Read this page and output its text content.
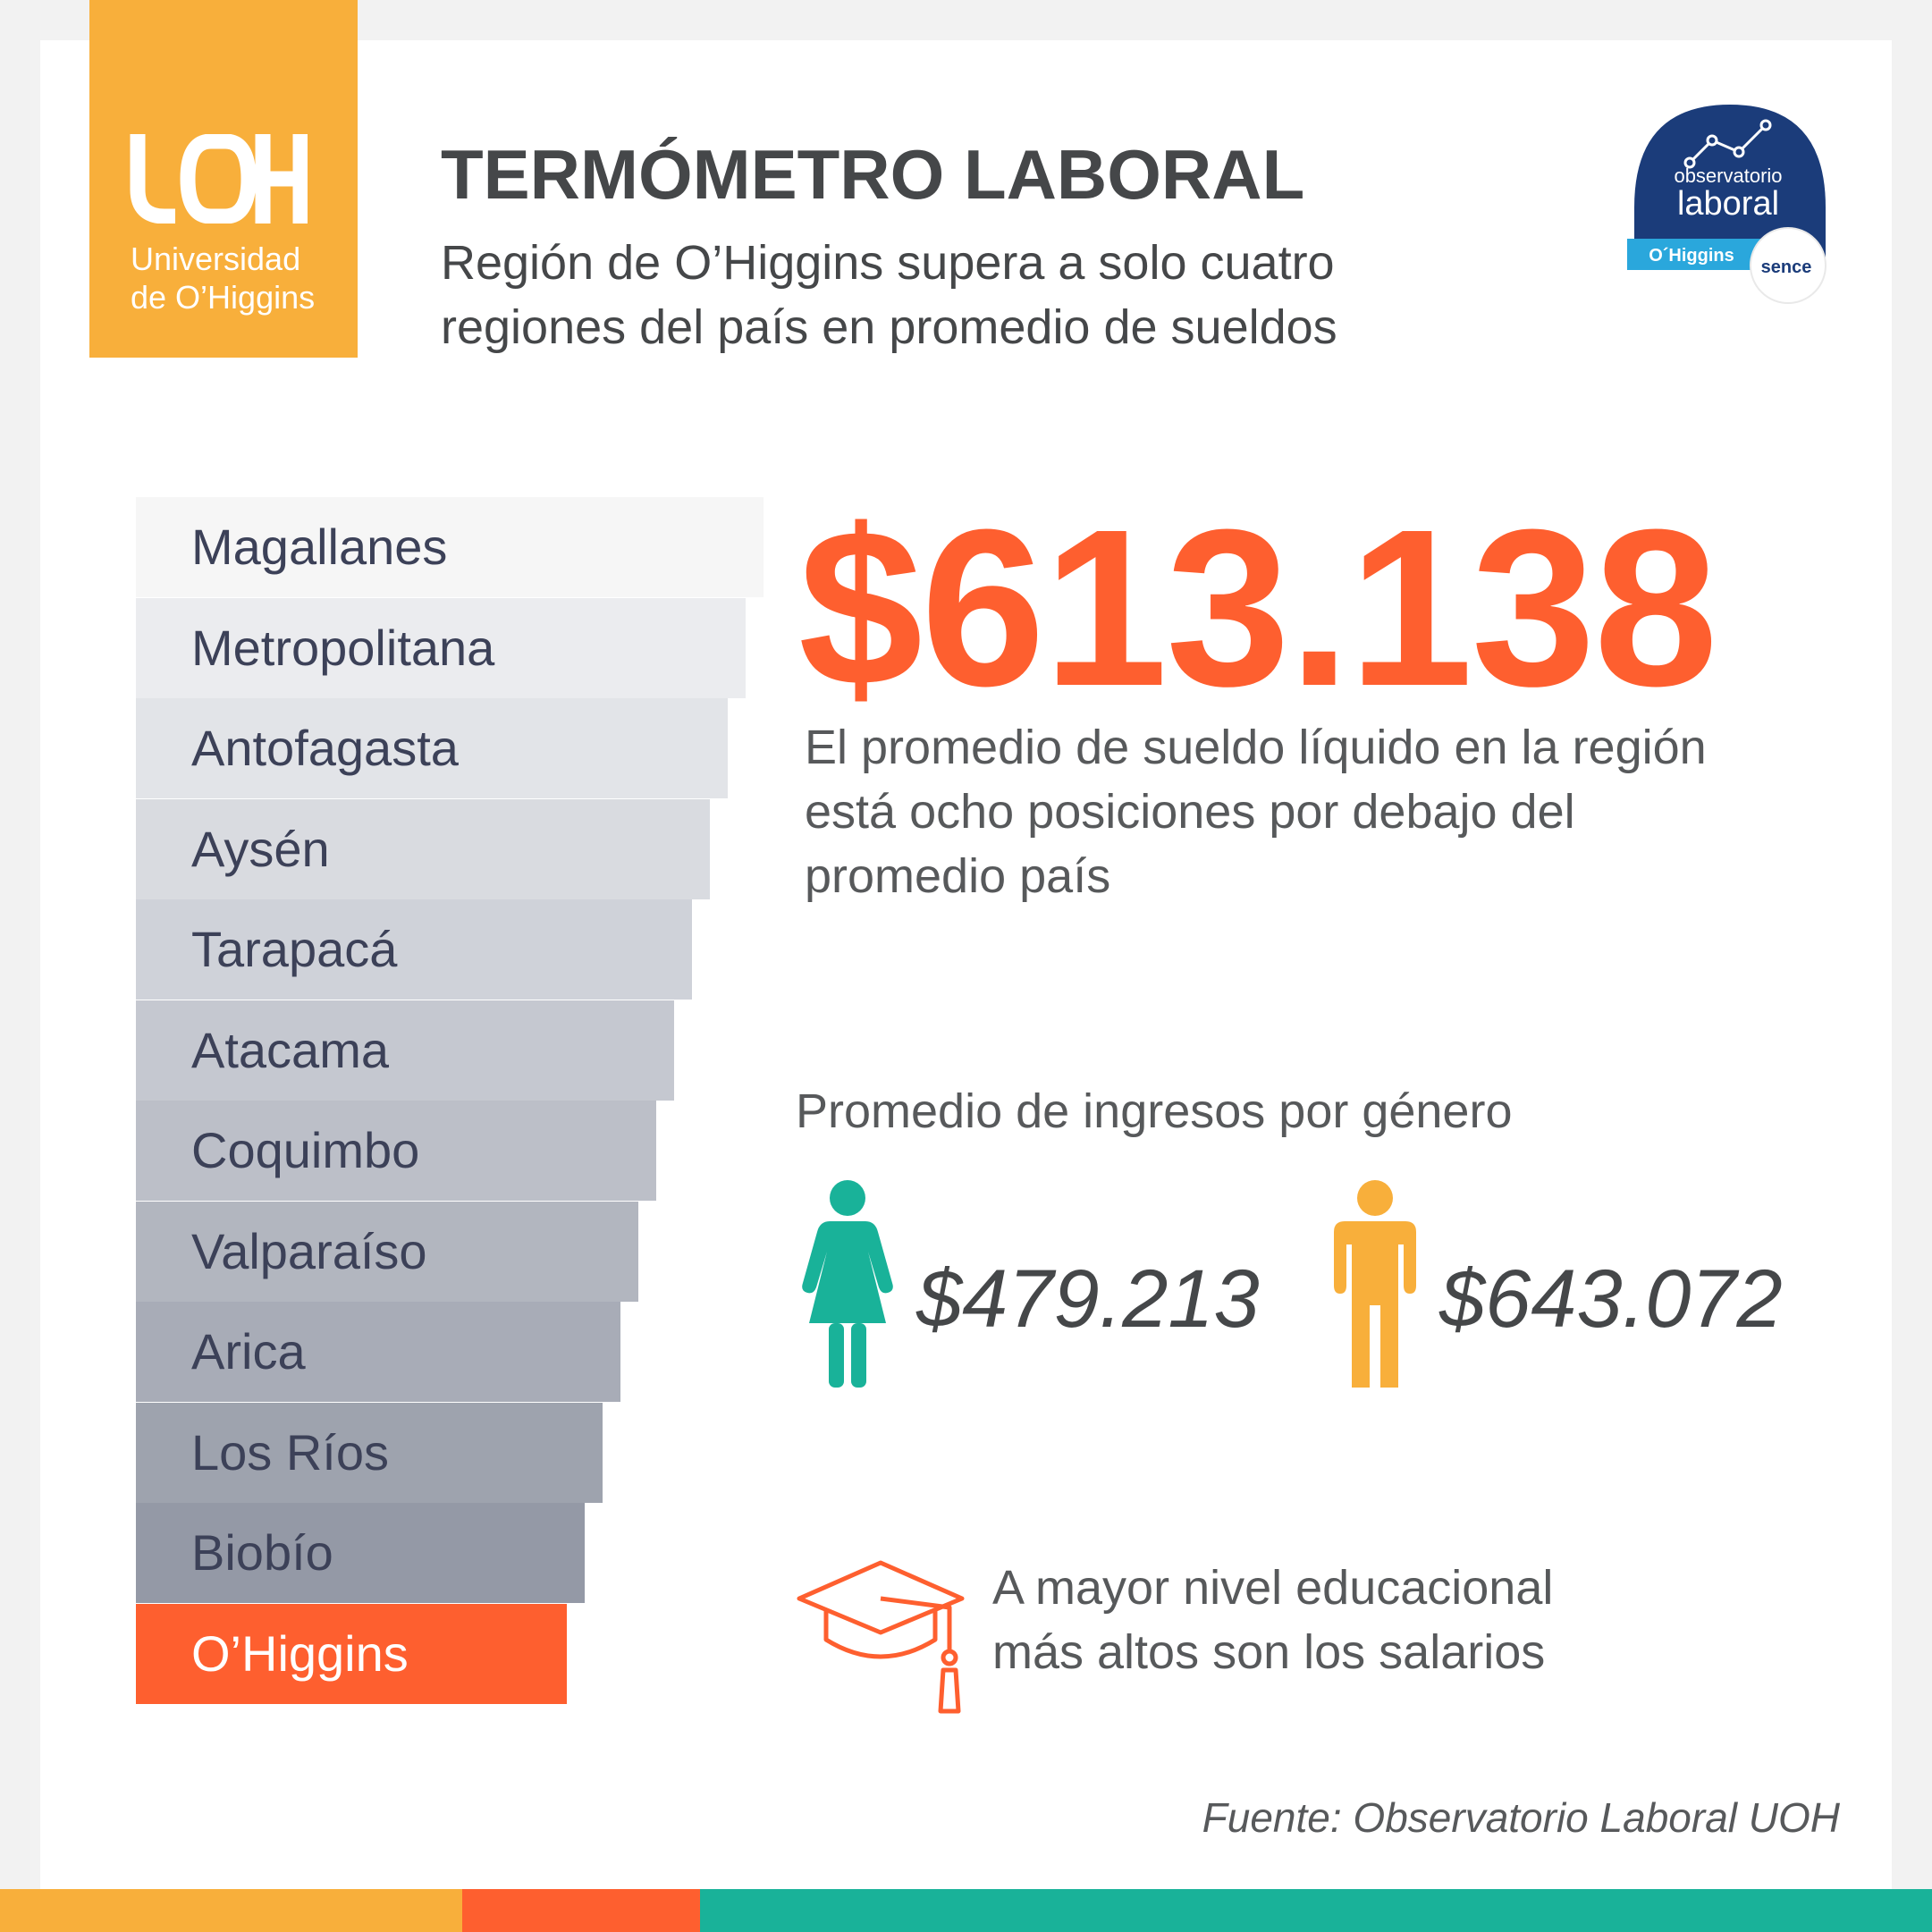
Universidad
de O’Higgins
TERMÓMETRO LABORAL
Región de O’Higgins supera a solo cuatro
regiones del país en promedio de sueldos
observatorio
laboral
O´Higgins
sence
Magallanes
Metropolitana
Antofagasta
Aysén
Tarapacá
Atacama
Coquimbo
Valparaíso
Arica
Los Ríos
Biobío
O’Higgins
$613.138
El promedio de sueldo líquido en la región
está ocho posiciones por debajo del
promedio país
Promedio de ingresos por género
$479.213 $643.072
A mayor nivel educacional
más altos son los salarios
Fuente: Observatorio Laboral UOH
